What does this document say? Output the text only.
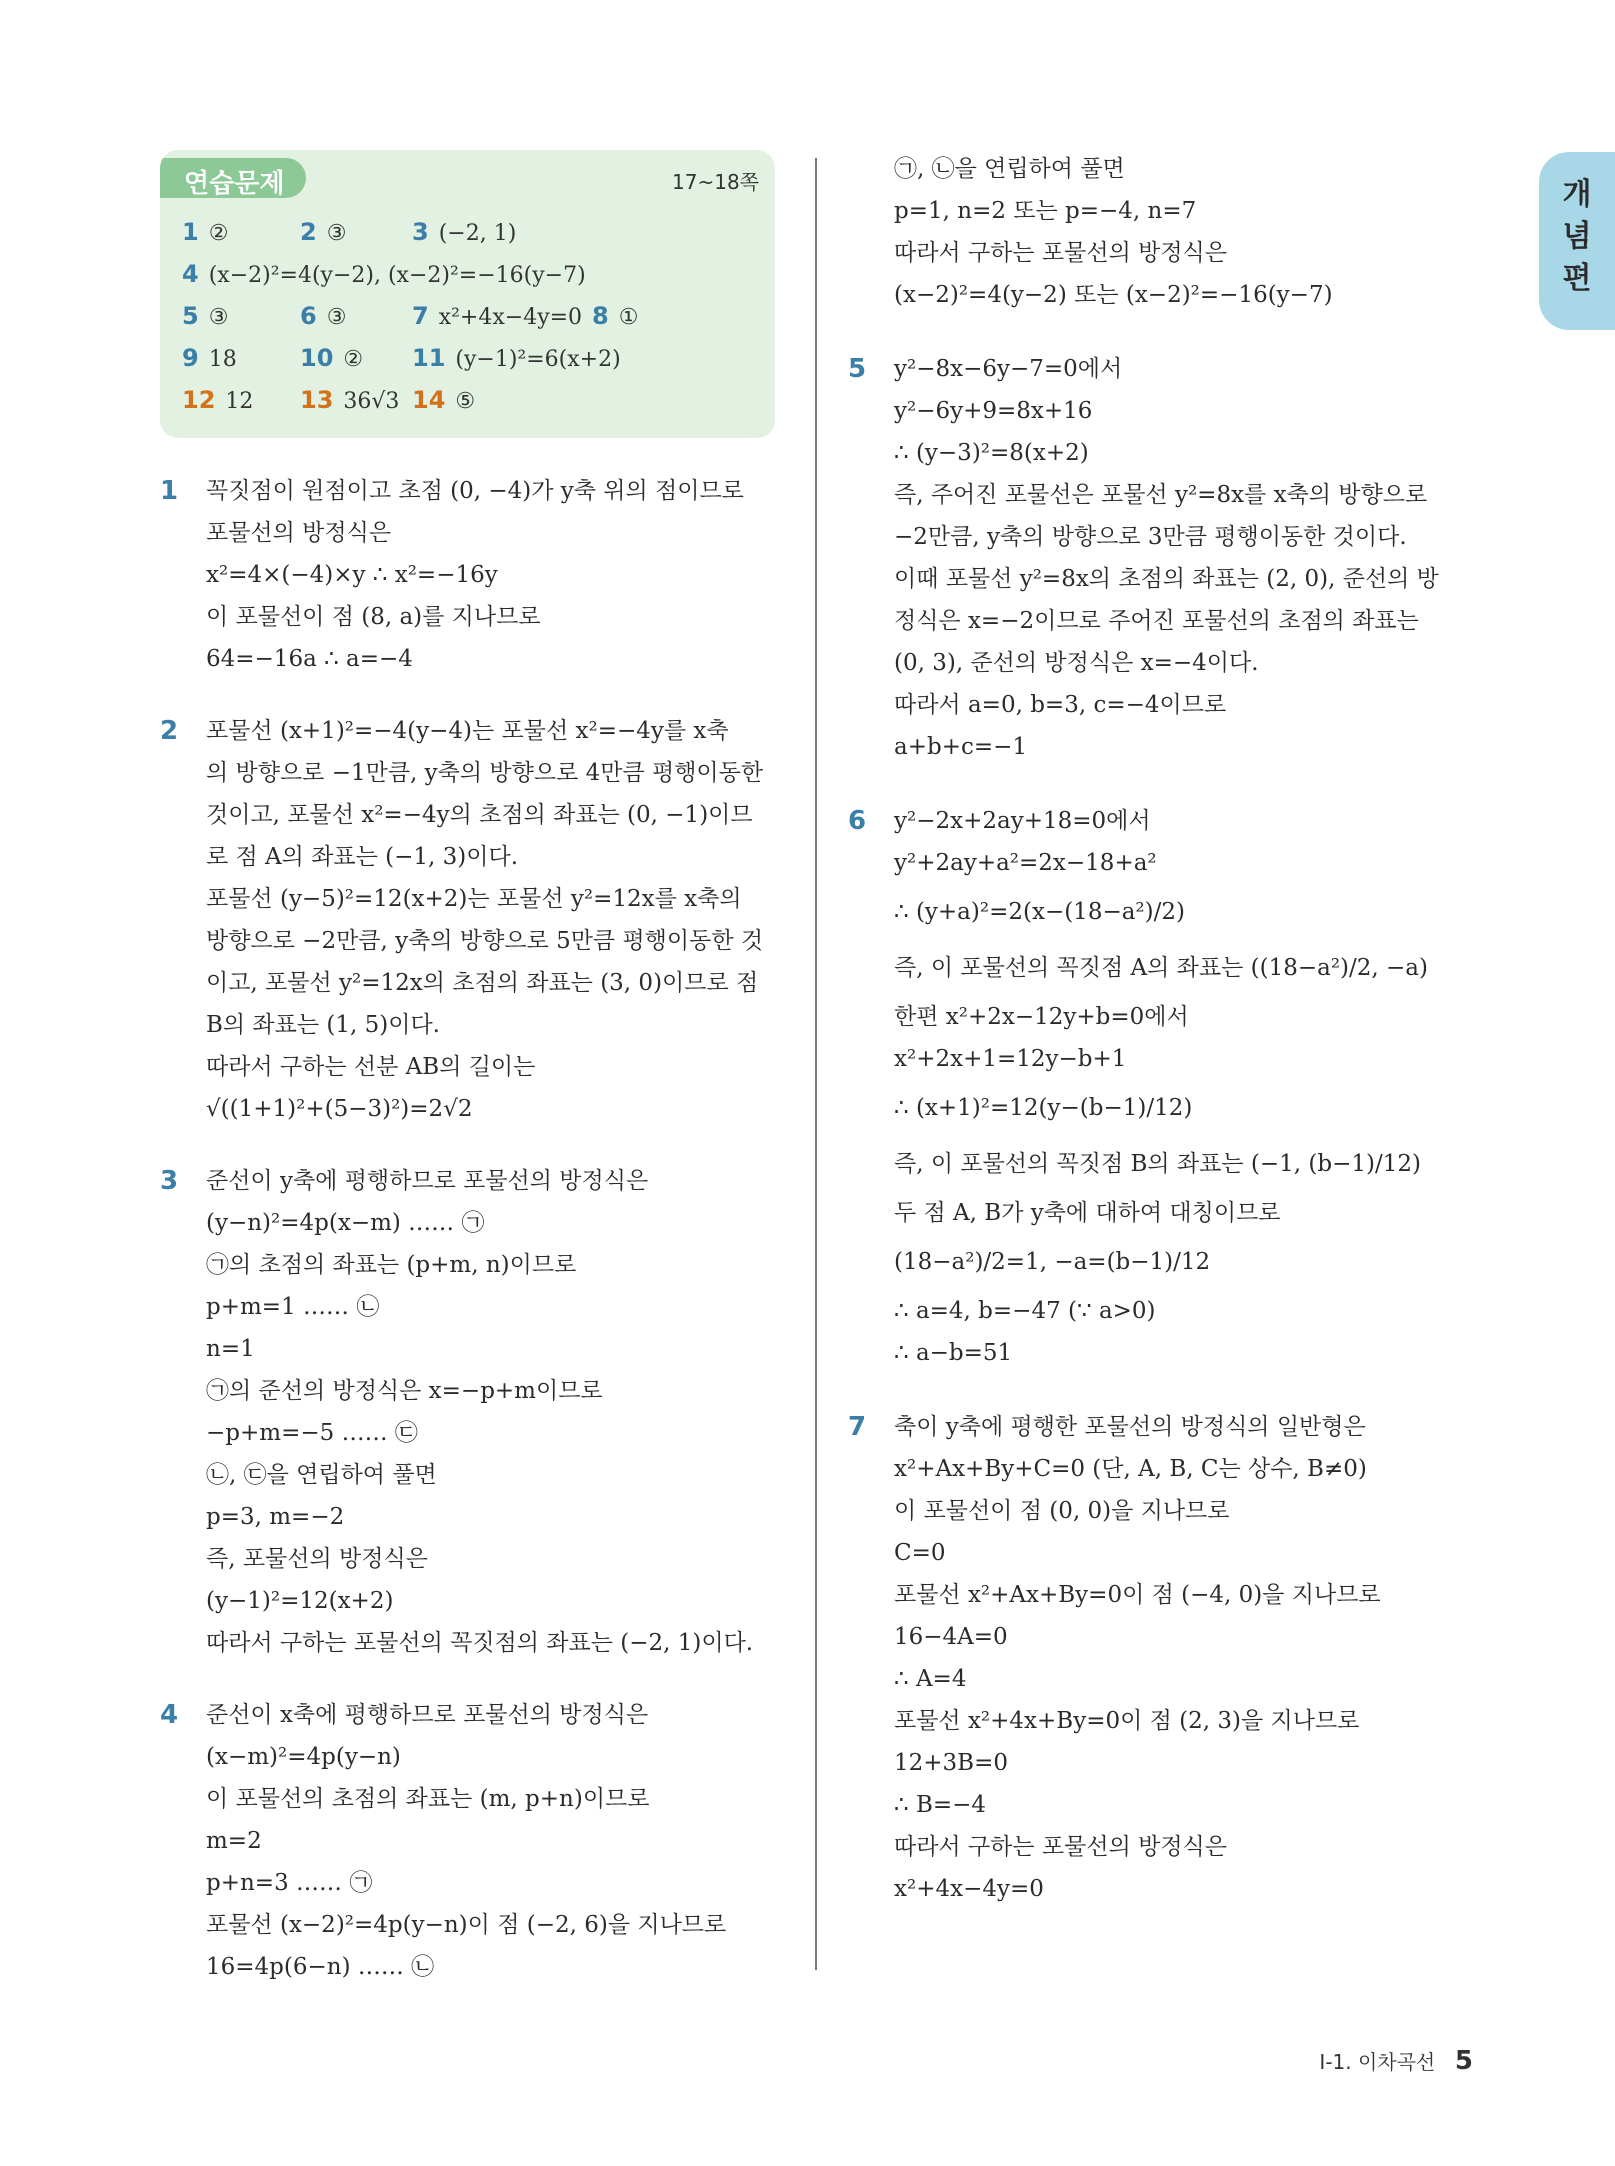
개
념
편
연습문제	17~18쪽
1 ②	2 ③	3 (−2, 1)
4 (x−2)²=4(y−2), (x−2)²=−16(y−7)
5 ③	6 ③	7 x²+4x−4y=0 8 ①
9 18	10 ② 11 (y−1)²=6(x+2)
12 12 13 36√3 14 ⑤
1 꼭짓점이 원점이고 초점 (0, −4)가 y축 위의 점이므로
포물선의 방정식은
x²=4×(−4)×y ∴ x²=−16y
이 포물선이 점 (8, a)를 지나므로
64=−16a ∴ a=−4
2 포물선 (x+1)²=−4(y−4)는 포물선 x²=−4y를 x축
의 방향으로 −1만큼, y축의 방향으로 4만큼 평행이동한
것이고, 포물선 x²=−4y의 초점의 좌표는 (0, −1)이므
로 점 A의 좌표는 (−1, 3)이다.
포물선 (y−5)²=12(x+2)는 포물선 y²=12x를 x축의
방향으로 −2만큼, y축의 방향으로 5만큼 평행이동한 것
이고, 포물선 y²=12x의 초점의 좌표는 (3, 0)이므로 점
B의 좌표는 (1, 5)이다.
따라서 구하는 선분 AB의 길이는
√((1+1)²+(5−3)²)=2√2
3 준선이 y축에 평행하므로 포물선의 방정식은
(y−n)²=4p(x−m) …… ㉠
㉠의 초점의 좌표는 (p+m, n)이므로
p+m=1 …… ㉡
n=1
㉠의 준선의 방정식은 x=−p+m이므로
−p+m=−5 …… ㉢
㉡, ㉢을 연립하여 풀면
p=3, m=−2
즉, 포물선의 방정식은
(y−1)²=12(x+2)
따라서 구하는 포물선의 꼭짓점의 좌표는 (−2, 1)이다.
4 준선이 x축에 평행하므로 포물선의 방정식은
(x−m)²=4p(y−n)
이 포물선의 초점의 좌표는 (m, p+n)이므로
m=2
p+n=3 …… ㉠
포물선 (x−2)²=4p(y−n)이 점 (−2, 6)을 지나므로
16=4p(6−n) …… ㉡
㉠, ㉡을 연립하여 풀면
p=1, n=2 또는 p=−4, n=7
따라서 구하는 포물선의 방정식은
(x−2)²=4(y−2) 또는 (x−2)²=−16(y−7)
5 y²−8x−6y−7=0에서
y²−6y+9=8x+16
∴ (y−3)²=8(x+2)
즉, 주어진 포물선은 포물선 y²=8x를 x축의 방향으로
−2만큼, y축의 방향으로 3만큼 평행이동한 것이다.
이때 포물선 y²=8x의 초점의 좌표는 (2, 0), 준선의 방
정식은 x=−2이므로 주어진 포물선의 초점의 좌표는
(0, 3), 준선의 방정식은 x=−4이다.
따라서 a=0, b=3, c=−4이므로
a+b+c=−1
6 y²−2x+2ay+18=0에서
y²+2ay+a²=2x−18+a²
∴ (y+a)²=2(x−(18−a²)/2)
즉, 이 포물선의 꼭짓점 A의 좌표는 ((18−a²)/2, −a)
한편 x²+2x−12y+b=0에서
x²+2x+1=12y−b+1
∴ (x+1)²=12(y−(b−1)/12)
즉, 이 포물선의 꼭짓점 B의 좌표는 (−1, (b−1)/12)
두 점 A, B가 y축에 대하여 대칭이므로
(18−a²)/2=1, −a=(b−1)/12
∴ a=4, b=−47 (∵ a>0)
∴ a−b=51
7 축이 y축에 평행한 포물선의 방정식의 일반형은
x²+Ax+By+C=0 (단, A, B, C는 상수, B≠0)
이 포물선이 점 (0, 0)을 지나므로
C=0
포물선 x²+Ax+By=0이 점 (−4, 0)을 지나므로
16−4A=0
∴ A=4
포물선 x²+4x+By=0이 점 (2, 3)을 지나므로
12+3B=0
∴ B=−4
따라서 구하는 포물선의 방정식은
x²+4x−4y=0
Ⅰ-1. 이차곡선 5
